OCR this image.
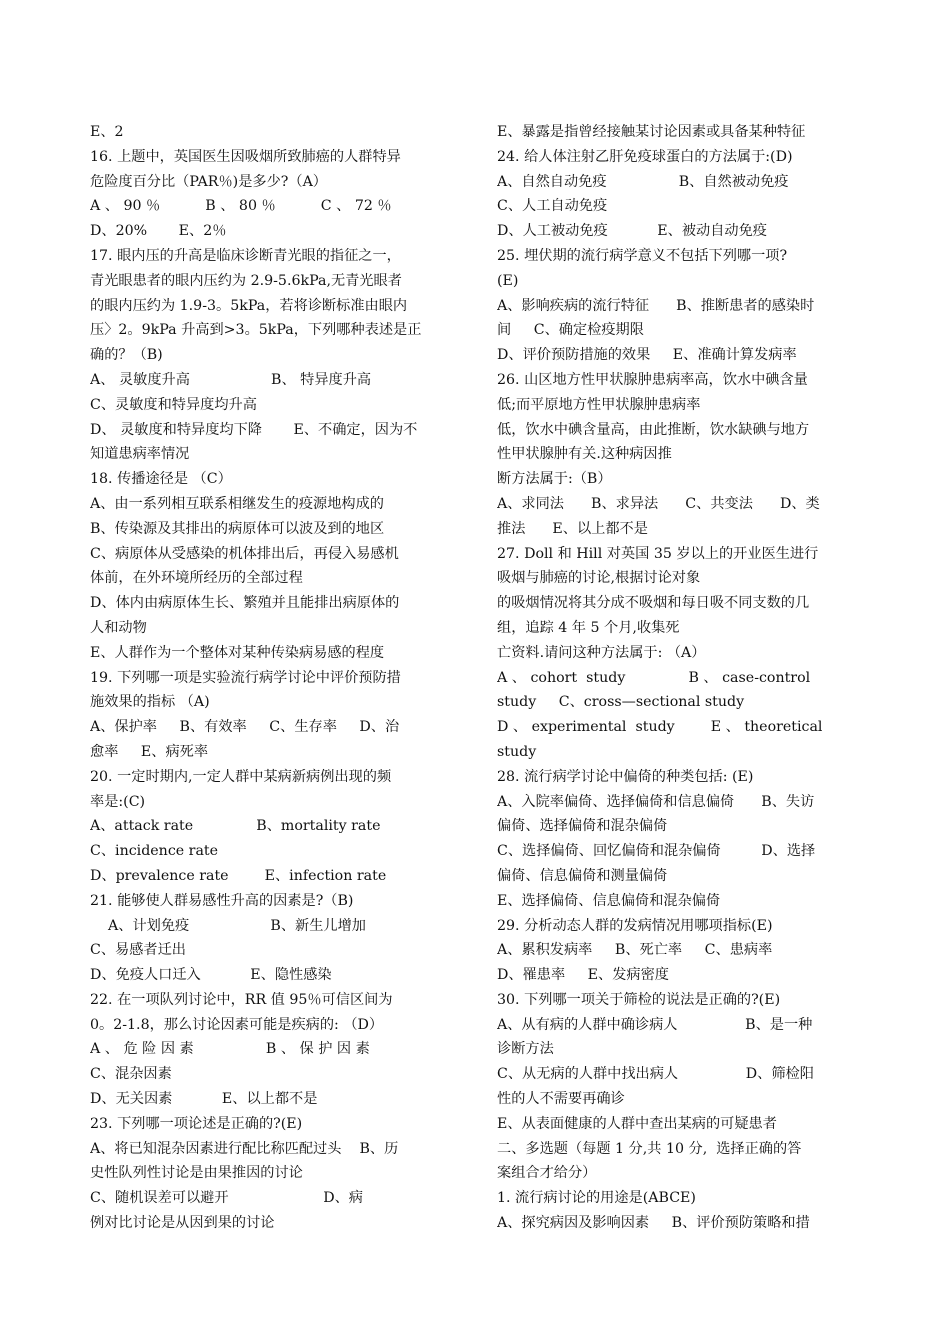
E、2
16. 上题中，英国医生因吸烟所致肺癌的人群特异
危险度百分比（PAR％)是多少?（A）
A 、 90 ％          B 、 80 ％          C 、 72 ％
D、20%       E、2％
17. 眼内压的升高是临床诊断青光眼的指征之一，
青光眼患者的眼内压约为 2.9-5.6kPa,无青光眼者
的眼内压约为 1.9-3。5kPa，若将诊断标准由眼内
压〉2。9kPa 升高到>3。5kPa，下列哪种表述是正
确的？（B)
A、 灵敏度升高                  B、 特异度升高
C、灵敏度和特异度均升高
D、 灵敏度和特异度均下降       E、不确定，因为不
知道患病率情况
18. 传播途径是 （C）
A、由一系列相互联系相继发生的疫源地构成的
B、传染源及其排出的病原体可以波及到的地区
C、病原体从受感染的机体排出后，再侵入易感机
体前，在外环境所经历的全部过程
D、体内由病原体生长、繁殖并且能排出病原体的
人和动物
E、人群作为一个整体对某种传染病易感的程度
19. 下列哪一项是实验流行病学讨论中评价预防措
施效果的指标 （A)
A、保护率     B、有效率     C、生存率     D、治
愈率     E、病死率
20. 一定时期内,一定人群中某病新病例出现的频
率是:(C)
A、attack rate              B、mortality rate
C、incidence rate
D、prevalence rate        E、infection rate
21. 能够使人群易感性升高的因素是?（B)
A、计划免疫                  B、新生儿增加
C、易感者迁出
D、免疫人口迁入           E、隐性感染
22. 在一项队列讨论中，RR 值 95％可信区间为
0。2-1.8，那么讨论因素可能是疾病的: （D）
A 、 危 险 因 素                B 、 保 护 因 素
C、混杂因素
D、无关因素           E、以上都不是
23. 下列哪一项论述是正确的?(E)
A、将已知混杂因素进行配比称匹配过头    B、历
史性队列性讨论是由果推因的讨论
C、随机误差可以避开                     D、病
例对比讨论是从因到果的讨论
E、暴露是指曾经接触某讨论因素或具备某种特征
24. 给人体注射乙肝免疫球蛋白的方法属于:(D)
A、自然自动免疫                B、自然被动免疫
C、人工自动免疫
D、人工被动免疫           E、被动自动免疫
25. 埋伏期的流行病学意义不包括下列哪一项?
(E)
A、影响疾病的流行特征      B、推断患者的感染时
间     C、确定检疫期限
D、评价预防措施的效果     E、准确计算发病率
26. 山区地方性甲状腺肿患病率高，饮水中碘含量
低;而平原地方性甲状腺肿患病率
低，饮水中碘含量高，由此推断，饮水缺碘与地方
性甲状腺肿有关.这种病因推
断方法属于:（B）
A、求同法      B、求异法      C、共变法      D、类
推法      E、以上都不是
27. Doll 和 Hill 对英国 35 岁以上的开业医生进行
吸烟与肺癌的讨论,根据讨论对象
的吸烟情况将其分成不吸烟和每日吸不同支数的几
组，追踪 4 年 5 个月,收集死
亡资料.请问这种方法属于: （A）
A 、 cohort  study              B 、 case-control
study     C、cross—sectional study
D 、 experimental  study        E 、 theoretical
study
28. 流行病学讨论中偏倚的种类包括: (E)
A、入院率偏倚、选择偏倚和信息偏倚      B、失访
偏倚、选择偏倚和混杂偏倚
C、选择偏倚、回忆偏倚和混杂偏倚         D、选择
偏倚、信息偏倚和测量偏倚
E、选择偏倚、信息偏倚和混杂偏倚
29. 分析动态人群的发病情况用哪项指标(E)
A、累积发病率     B、死亡率     C、患病率
D、罹患率     E、发病密度
30. 下列哪一项关于筛检的说法是正确的?(E)
A、从有病的人群中确诊病人               B、是一种
诊断方法
C、从无病的人群中找出病人               D、筛检阳
性的人不需要再确诊
E、从表面健康的人群中查出某病的可疑患者
二、多选题（每题 1 分,共 10 分,  选择正确的答
案组合才给分）
1. 流行病讨论的用途是(ABCE)
A、探究病因及影响因素     B、评价预防策略和措
